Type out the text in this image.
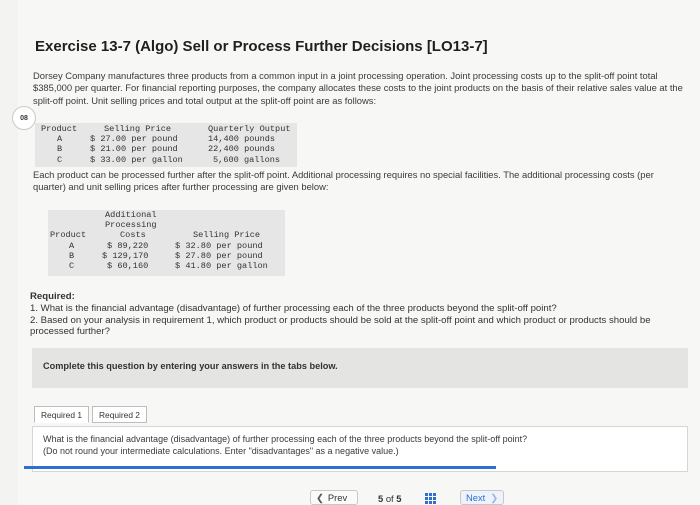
08
Exercise 13-7 (Algo) Sell or Process Further Decisions [LO13-7]

Dorsey Company manufactures three products from a common input in a joint processing operation. Joint processing costs up to the split-off point total $385,000 per quarter. For financial reporting purposes, the company allocates these costs to the joint products on the basis of their relative sales value at the split-off point. Unit selling prices and total output at the split-off point are as follows:

Product	Selling Price	Quarterly Output
A	$ 27.00 per pound	14,400 pounds
B	$ 21.00 per pound	22,400 pounds
C	$ 33.00 per gallon	5,600 gallons

Each product can be processed further after the split-off point. Additional processing requires no special facilities. The additional processing costs (per quarter) and unit selling prices after further processing are given below:

Additional
Processing
Product	Costs	Selling Price
A	$ 89,220	$ 32.80 per pound
B	$ 129,170	$ 27.80 per pound
C	$ 60,160	$ 41.80 per gallon
Required:
1. What is the financial advantage (disadvantage) of further processing each of the three products beyond the split-off point?
2. Based on your analysis in requirement 1, which product or products should be sold at the split-off point and which product or products should be processed further?
Complete this question by entering your answers in the tabs below.
Required 1	Required 2

What is the financial advantage (disadvantage) of further processing each of the three products beyond the split-off point?
(Do not round your intermediate calculations. Enter "disadvantages" as a negative value.)

❮ Prev	5 of 5	Next ❯
